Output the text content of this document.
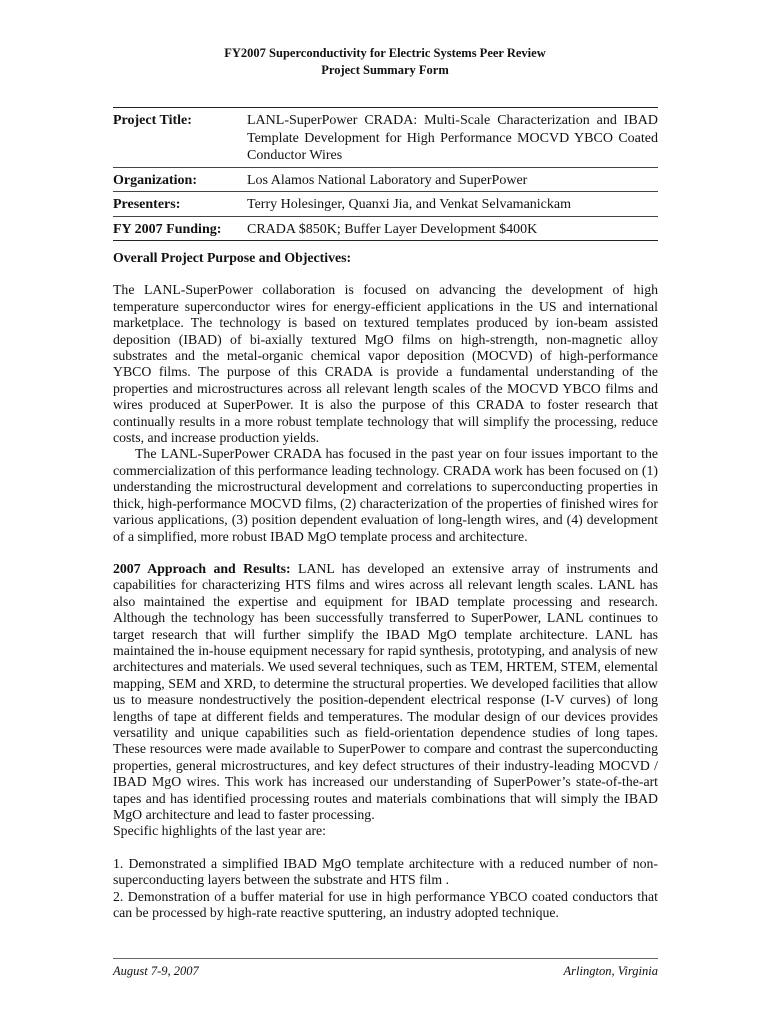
FY2007 Superconductivity for Electric Systems Peer Review
Project Summary Form
Project Title:	LANL-SuperPower CRADA: Multi-Scale Characterization and IBAD Template Development for High Performance MOCVD YBCO Coated Conductor Wires
Organization:	Los Alamos National Laboratory and SuperPower
Presenters:	Terry Holesinger, Quanxi Jia, and Venkat Selvamanickam
FY 2007 Funding:	CRADA $850K; Buffer Layer Development $400K

Overall Project Purpose and Objectives:

The LANL-SuperPower collaboration is focused on advancing the development of high temperature superconductor wires for energy-efficient applications in the US and international marketplace. The technology is based on textured templates produced by ion-beam assisted deposition (IBAD) of bi-axially textured MgO films on high-strength, non-magnetic alloy substrates and the metal-organic chemical vapor deposition (MOCVD) of high-performance YBCO films. The purpose of this CRADA is provide a fundamental understanding of the properties and microstructures across all relevant length scales of the MOCVD YBCO films and wires produced at SuperPower. It is also the purpose of this CRADA to foster research that continually results in a more robust template technology that will simplify the processing, reduce costs, and increase production yields.

The LANL-SuperPower CRADA has focused in the past year on four issues important to the commercialization of this performance leading technology. CRADA work has been focused on (1) understanding the microstructural development and correlations to superconducting properties in thick, high-performance MOCVD films, (2) characterization of the properties of finished wires for various applications, (3) position dependent evaluation of long-length wires, and (4) development of a simplified, more robust IBAD MgO template process and architecture.

2007 Approach and Results: LANL has developed an extensive array of instruments and capabilities for characterizing HTS films and wires across all relevant length scales. LANL has also maintained the expertise and equipment for IBAD template processing and research. Although the technology has been successfully transferred to SuperPower, LANL continues to target research that will further simplify the IBAD MgO template architecture. LANL has maintained the in-house equipment necessary for rapid synthesis, prototyping, and analysis of new architectures and materials. We used several techniques, such as TEM, HRTEM, STEM, elemental mapping, SEM and XRD, to determine the structural properties. We developed facilities that allow us to measure nondestructively the position-dependent electrical response (I-V curves) of long lengths of tape at different fields and temperatures. The modular design of our devices provides versatility and unique capabilities such as field-orientation dependence studies of long tapes. These resources were made available to SuperPower to compare and contrast the superconducting properties, general microstructures, and key defect structures of their industry-leading MOCVD / IBAD MgO wires. This work has increased our understanding of SuperPower’s state-of-the-art tapes and has identified processing routes and materials combinations that will simply the IBAD MgO architecture and lead to faster processing.

Specific highlights of the last year are:

1. Demonstrated a simplified IBAD MgO template architecture with a reduced number of non-superconducting layers between the substrate and HTS film .

2. Demonstration of a buffer material for use in high performance YBCO coated conductors that can be processed by high-rate reactive sputtering, an industry adopted technique.

August 7-9, 2007	Arlington, Virginia
